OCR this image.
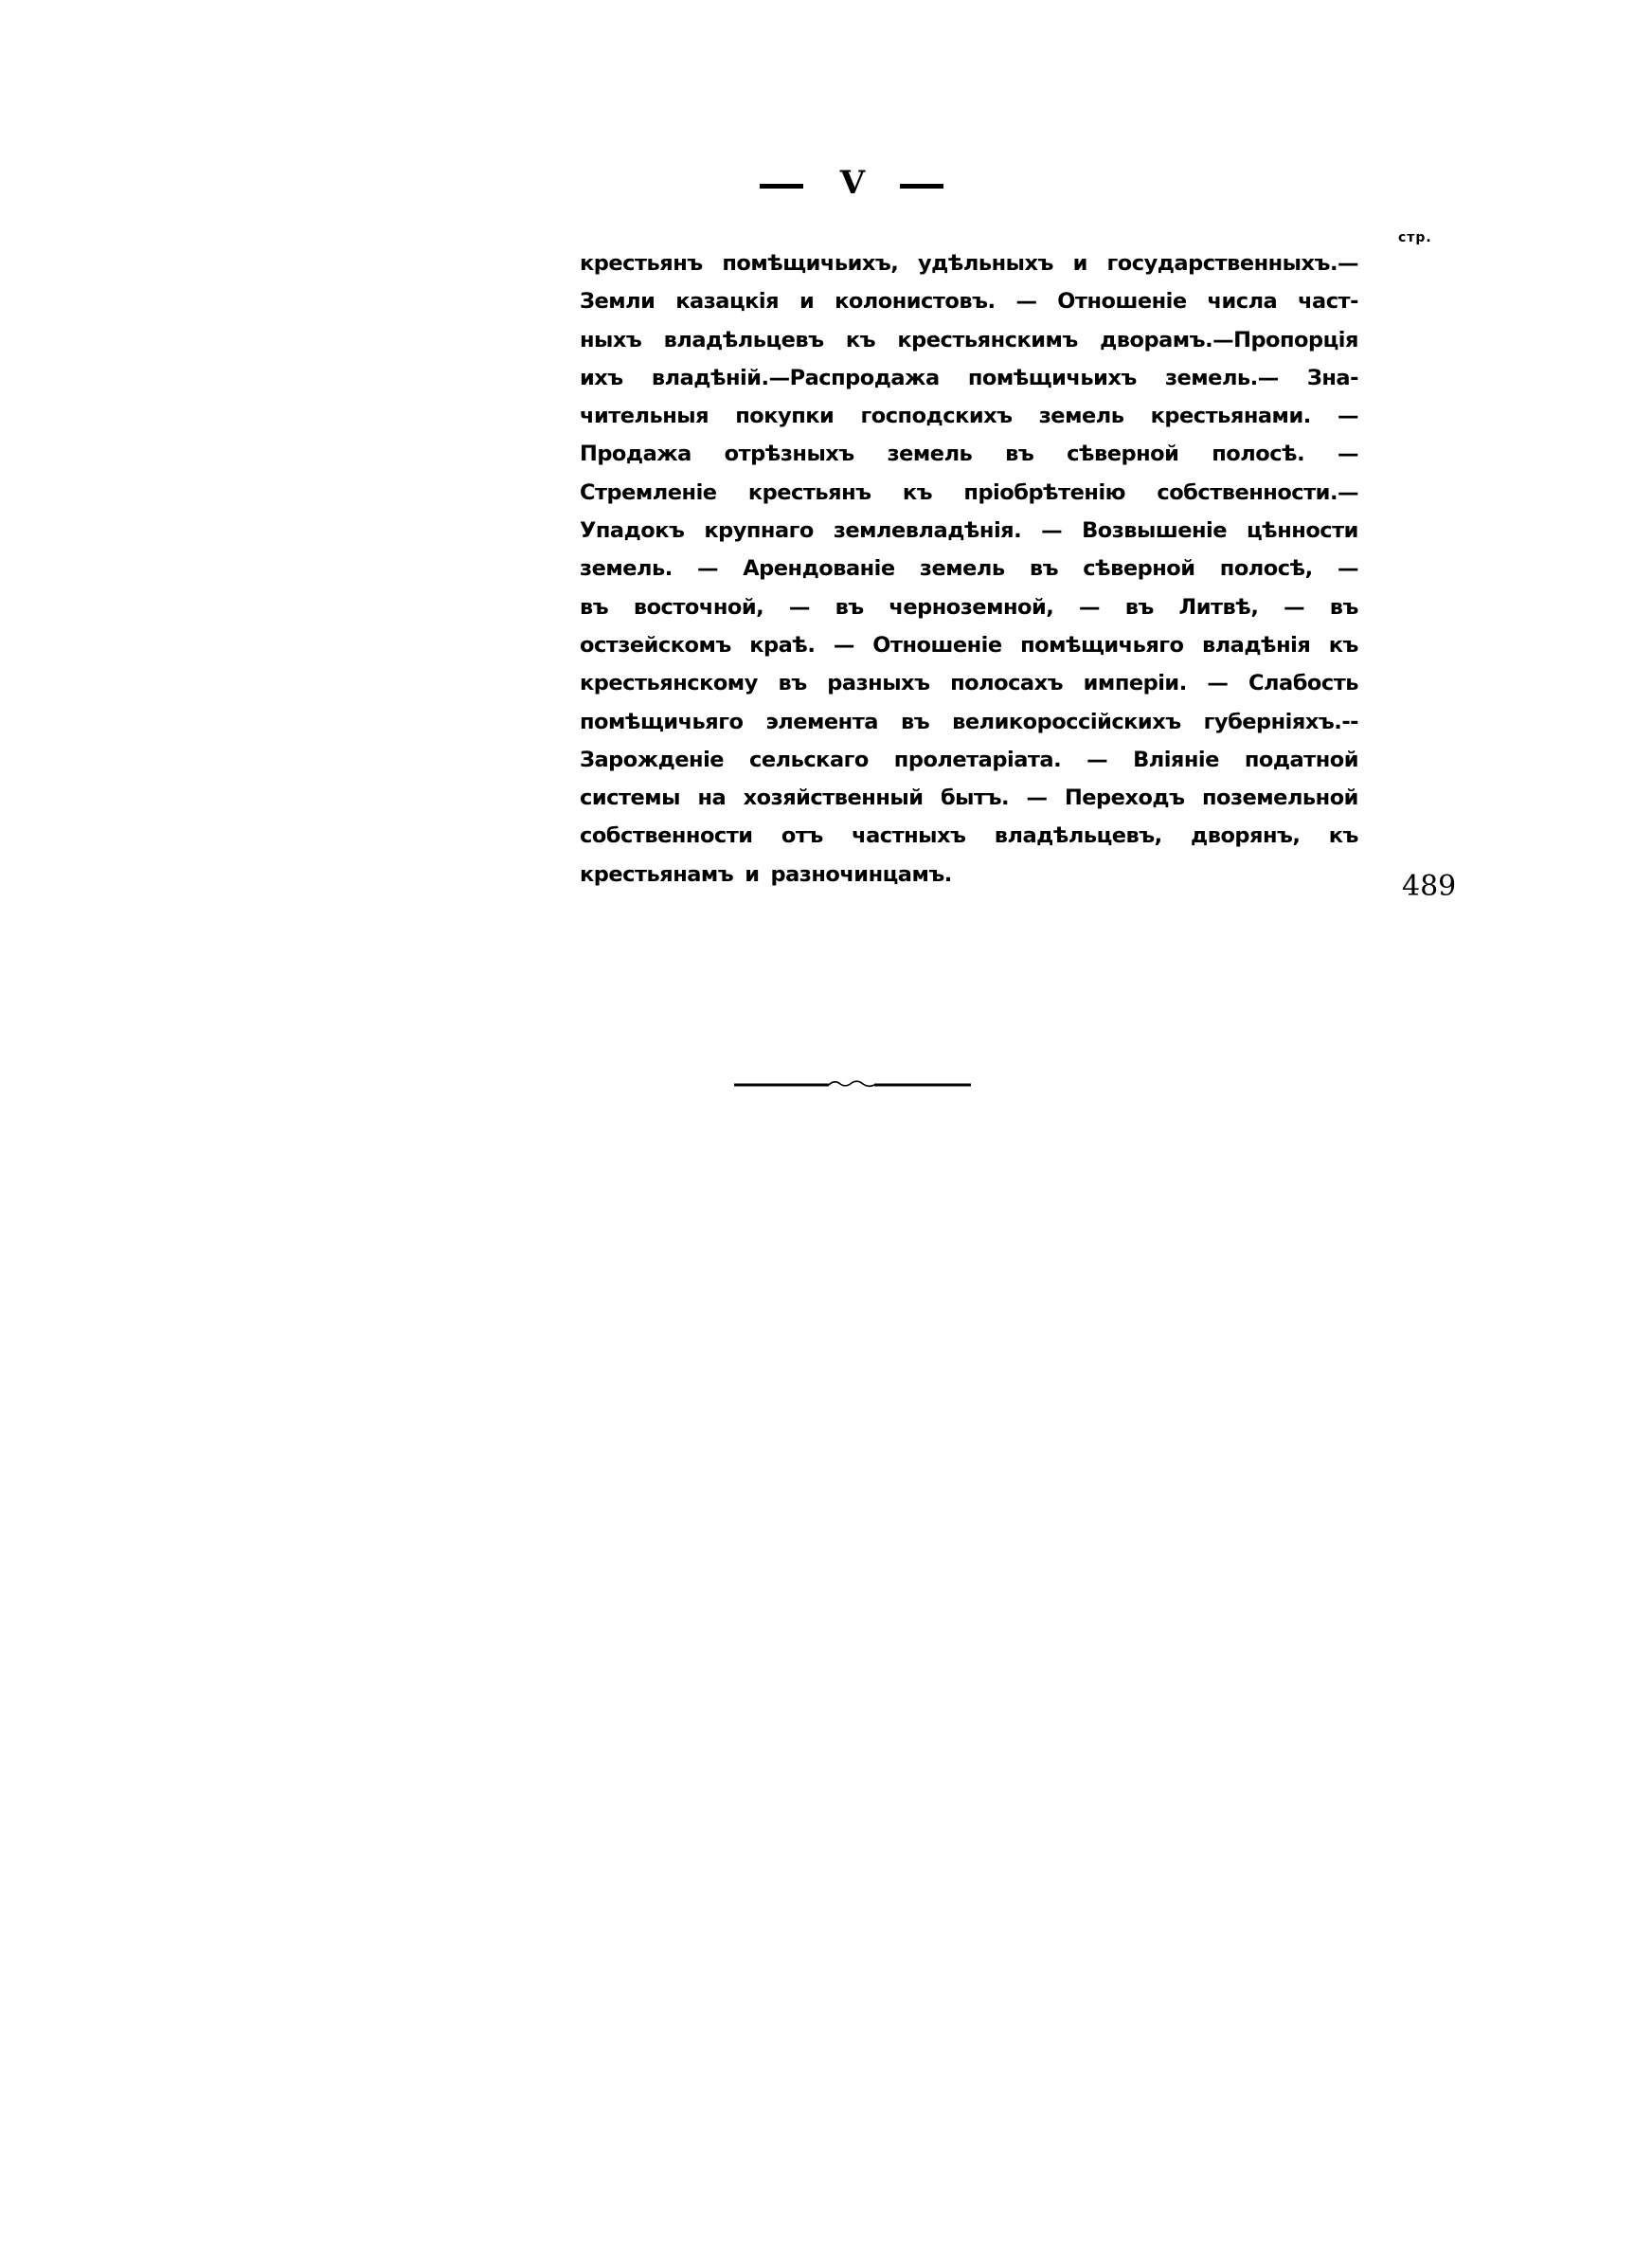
V
стр.
крестьянъ помѣщичьихъ, удѣльныхъ и государственныхъ.—
Земли казацкія и колонистовъ. — Отношеніе числа част-
ныхъ владѣльцевъ къ крестьянскимъ дворамъ.—Пропорція
ихъ владѣній.—Распродажа помѣщичьихъ земель.— Зна-
чительныя покупки господскихъ земель крестьянами. —
Продажа отрѣзныхъ земель въ сѣверной полосѣ. —
Стремленіе крестьянъ къ пріобрѣтенію собственности.—
Упадокъ крупнаго землевладѣнія. — Возвышеніе цѣнности
земель. — Арендованіе земель въ сѣверной полосѣ, —
въ восточной, — въ черноземной, — въ Литвѣ, — въ
остзейскомъ краѣ. — Отношеніе помѣщичьяго владѣнія къ
крестьянскому въ разныхъ полосахъ имперіи. — Слабость
помѣщичьяго элемента въ великороссійскихъ губерніяхъ.--
Зарожденіе сельскаго пролетаріата. — Вліяніе податной
системы на хозяйственный бытъ. — Переходъ поземельной
собственности отъ частныхъ владѣльцевъ, дворянъ, къ
крестьянамъ и разночинцамъ.	489
